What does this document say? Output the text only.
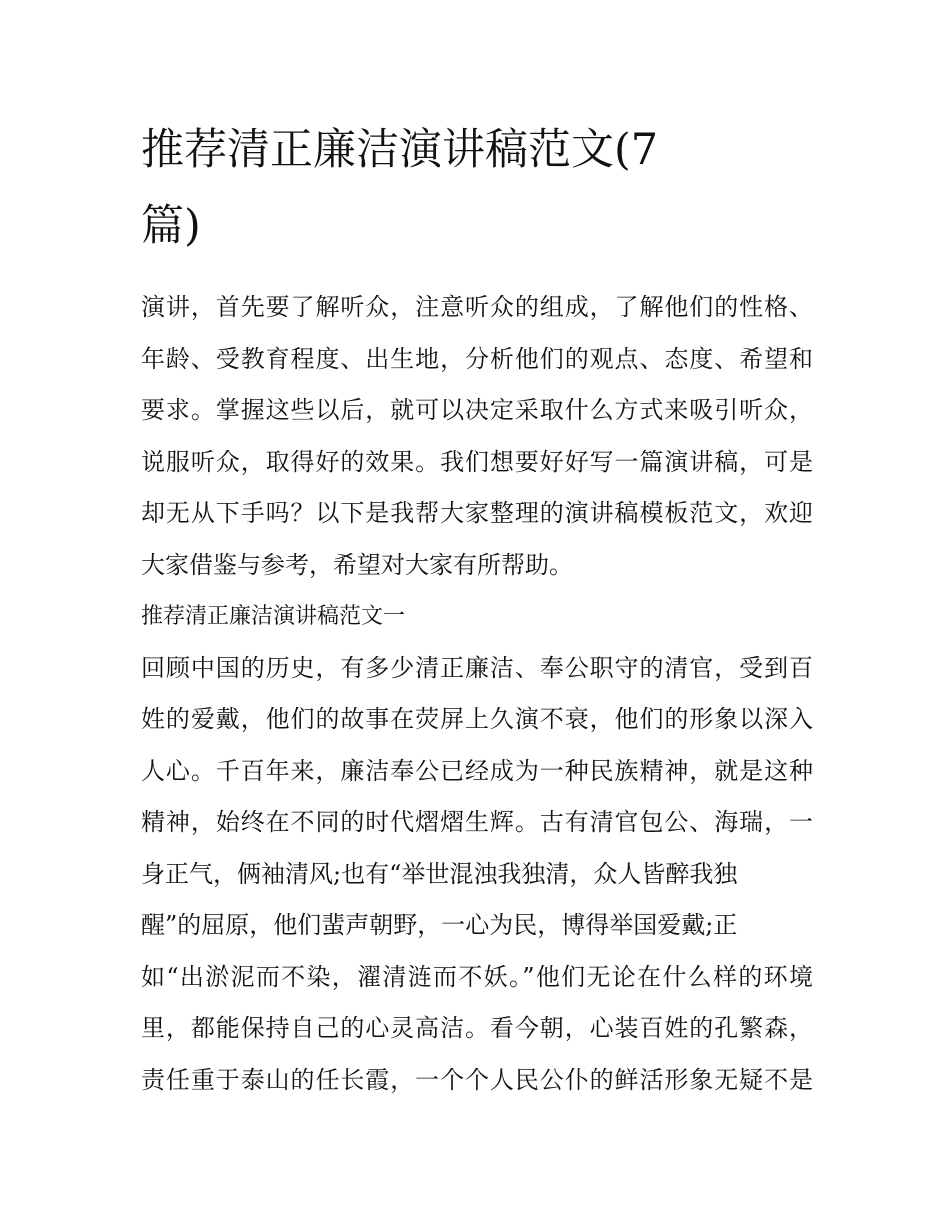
推荐清正廉洁演讲稿范文(7
篇)

演讲，首先要了解听众，注意听众的组成，了解他们的性格、
年龄、受教育程度、出生地，分析他们的观点、态度、希望和
要求。掌握这些以后，就可以决定采取什么方式来吸引听众，
说服听众，取得好的效果。我们想要好好写一篇演讲稿，可是
却无从下手吗？以下是我帮大家整理的演讲稿模板范文，欢迎
大家借鉴与参考，希望对大家有所帮助。

推荐清正廉洁演讲稿范文一

回顾中国的历史，有多少清正廉洁、奉公职守的清官，受到百
姓的爱戴，他们的故事在荧屏上久演不衰，他们的形象以深入
人心。千百年来，廉洁奉公已经成为一种民族精神，就是这种
精神，始终在不同的时代熠熠生辉。古有清官包公、海瑞，一
身正气，俩袖清风;也有“举世混浊我独清，众人皆醉我独
醒”的屈原，他们蜚声朝野，一心为民，博得举国爱戴;正
如“出淤泥而不染，濯清涟而不妖。”他们无论在什么样的环境
里，都能保持自己的心灵高洁。看今朝，心装百姓的孔繁森，
责任重于泰山的任长霞，一个个人民公仆的鲜活形象无疑不是
